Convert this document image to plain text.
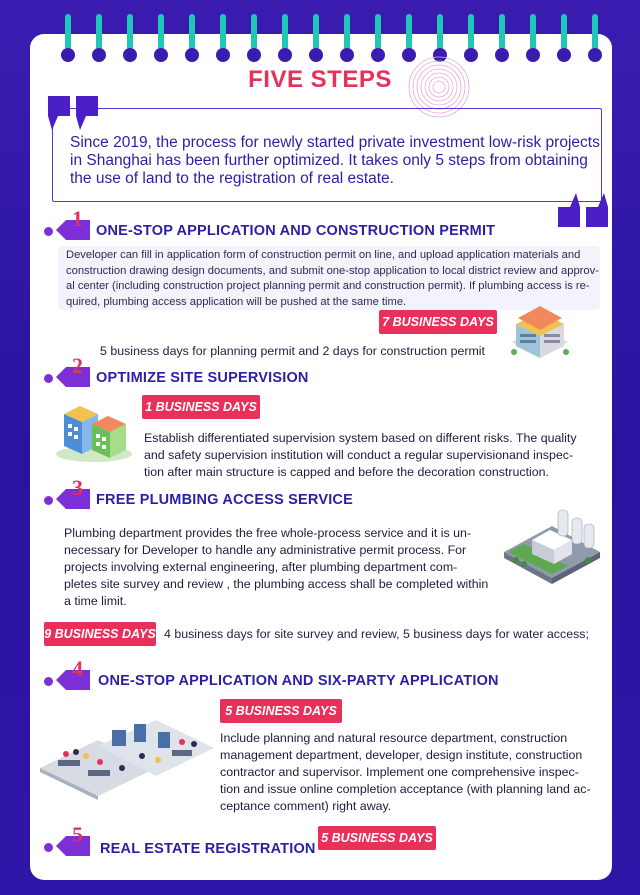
FIVE STEPS
Since 2019, the process for newly started private investment low-risk projects in Shanghai has been further optimized. It takes only 5 steps from obtaining the use of land to the registration of real estate.
1 ONE-STOP APPLICATION AND CONSTRUCTION PERMIT
Developer can fill in application form of construction permit on line, and upload application materials and
construction drawing design documents, and submit one-stop application to local district review and approv-
al center (including construction project planning permit and construction permit). If plumbing access is re-
quired, plumbing access application will be pushed at the same time.
7 BUSINESS DAYS
5 business days for planning permit and 2 days for construction permit
2 OPTIMIZE SITE SUPERVISION
1 BUSINESS DAYS
Establish differentiated supervision system based on different risks. The quality
and safety supervision institution will conduct a regular supervisionand inspec-
tion after main structure is capped and before the decoration construction.
3 FREE PLUMBING ACCESS SERVICE
Plumbing department provides the free whole-process service and it is un-
necessary for Developer to handle any administrative permit process. For
projects involving external engineering, after plumbing department com-
pletes site survey and review , the plumbing access shall be completed within
a time limit.
9 BUSINESS DAYS 4 business days for site survey and review, 5 business days for water access;
4 ONE-STOP APPLICATION AND SIX-PARTY APPLICATION
5 BUSINESS DAYS
Include planning and natural resource department, construction
management department, developer, design institute, construction
contractor and supervisor. Implement one comprehensive inspec-
tion and issue online completion acceptance (with planning land ac-
ceptance comment) right away.
5
REAL ESTATE REGISTRATION
5 BUSINESS DAYS
